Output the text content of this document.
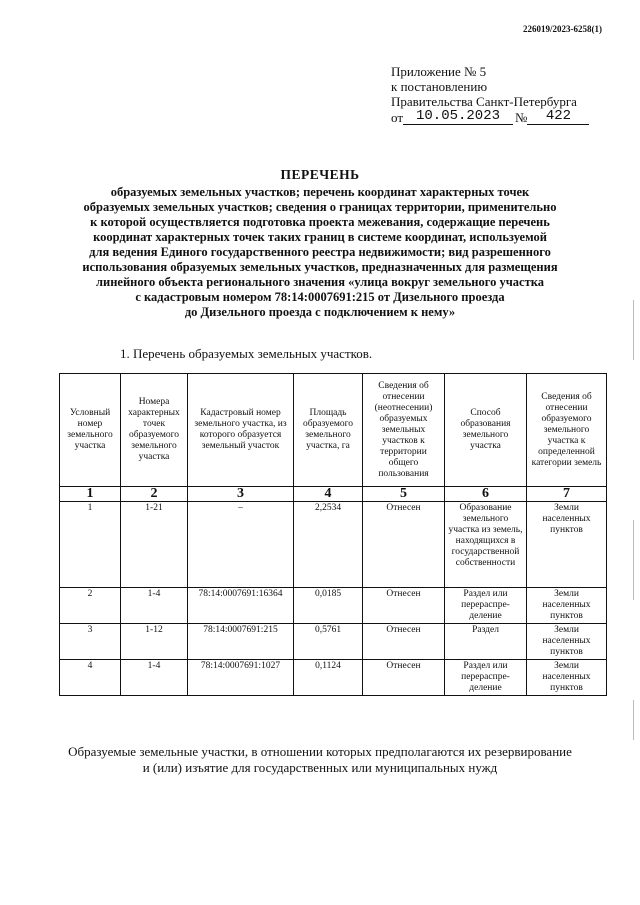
226019/2023-6258(1)
Приложение № 5
к постановлению
Правительства Санкт-Петербурга
от 10.05.2023	№	422
ПЕРЕЧЕНЬ
образуемых земельных участков; перечень координат характерных точек
образуемых земельных участков; сведения о границах территории, применительно
к которой осуществляется подготовка проекта межевания, содержащие перечень
координат характерных точек таких границ в системе координат, используемой
для ведения Единого государственного реестра недвижимости; вид разрешенного
использования образуемых земельных участков, предназначенных для размещения
линейного объекта регионального значения «улица вокруг земельного участка
с кадастровым номером 78:14:0007691:215 от Дизельного проезда
до Дизельного проезда с подключением к нему»
1. Перечень образуемых земельных участков.
Условный номер земельного участка	Номера характерных точек образуемого земельного участка	Кадастровый номер земельного участка, из которого образуется земельный участок	Площадь образуемого земельного участка, га	Сведения об отнесении (неотнесении) образуемых земельных участков к территории общего пользования	Способ образования земельного участка	Сведения об отнесении образуемого земельного участка к определенной категории земель
1	2	3	4	5	6	7
1	1-21	–	2,2534	Отнесен	Образование земельного участка из земель, находящихся в государственной собственности	Земли населенных пунктов
2	1-4	78:14:0007691:16364	0,0185	Отнесен	Раздел или перераспре-деление	Земли населенных пунктов
3	1-12	78:14:0007691:215	0,5761	Отнесен	Раздел	Земли населенных пунктов
4	1-4	78:14:0007691:1027	0,1124	Отнесен	Раздел или перераспре-деление	Земли населенных пунктов
Образуемые земельные участки, в отношении которых предполагаются их резервирование
и (или) изъятие для государственных или муниципальных нужд
